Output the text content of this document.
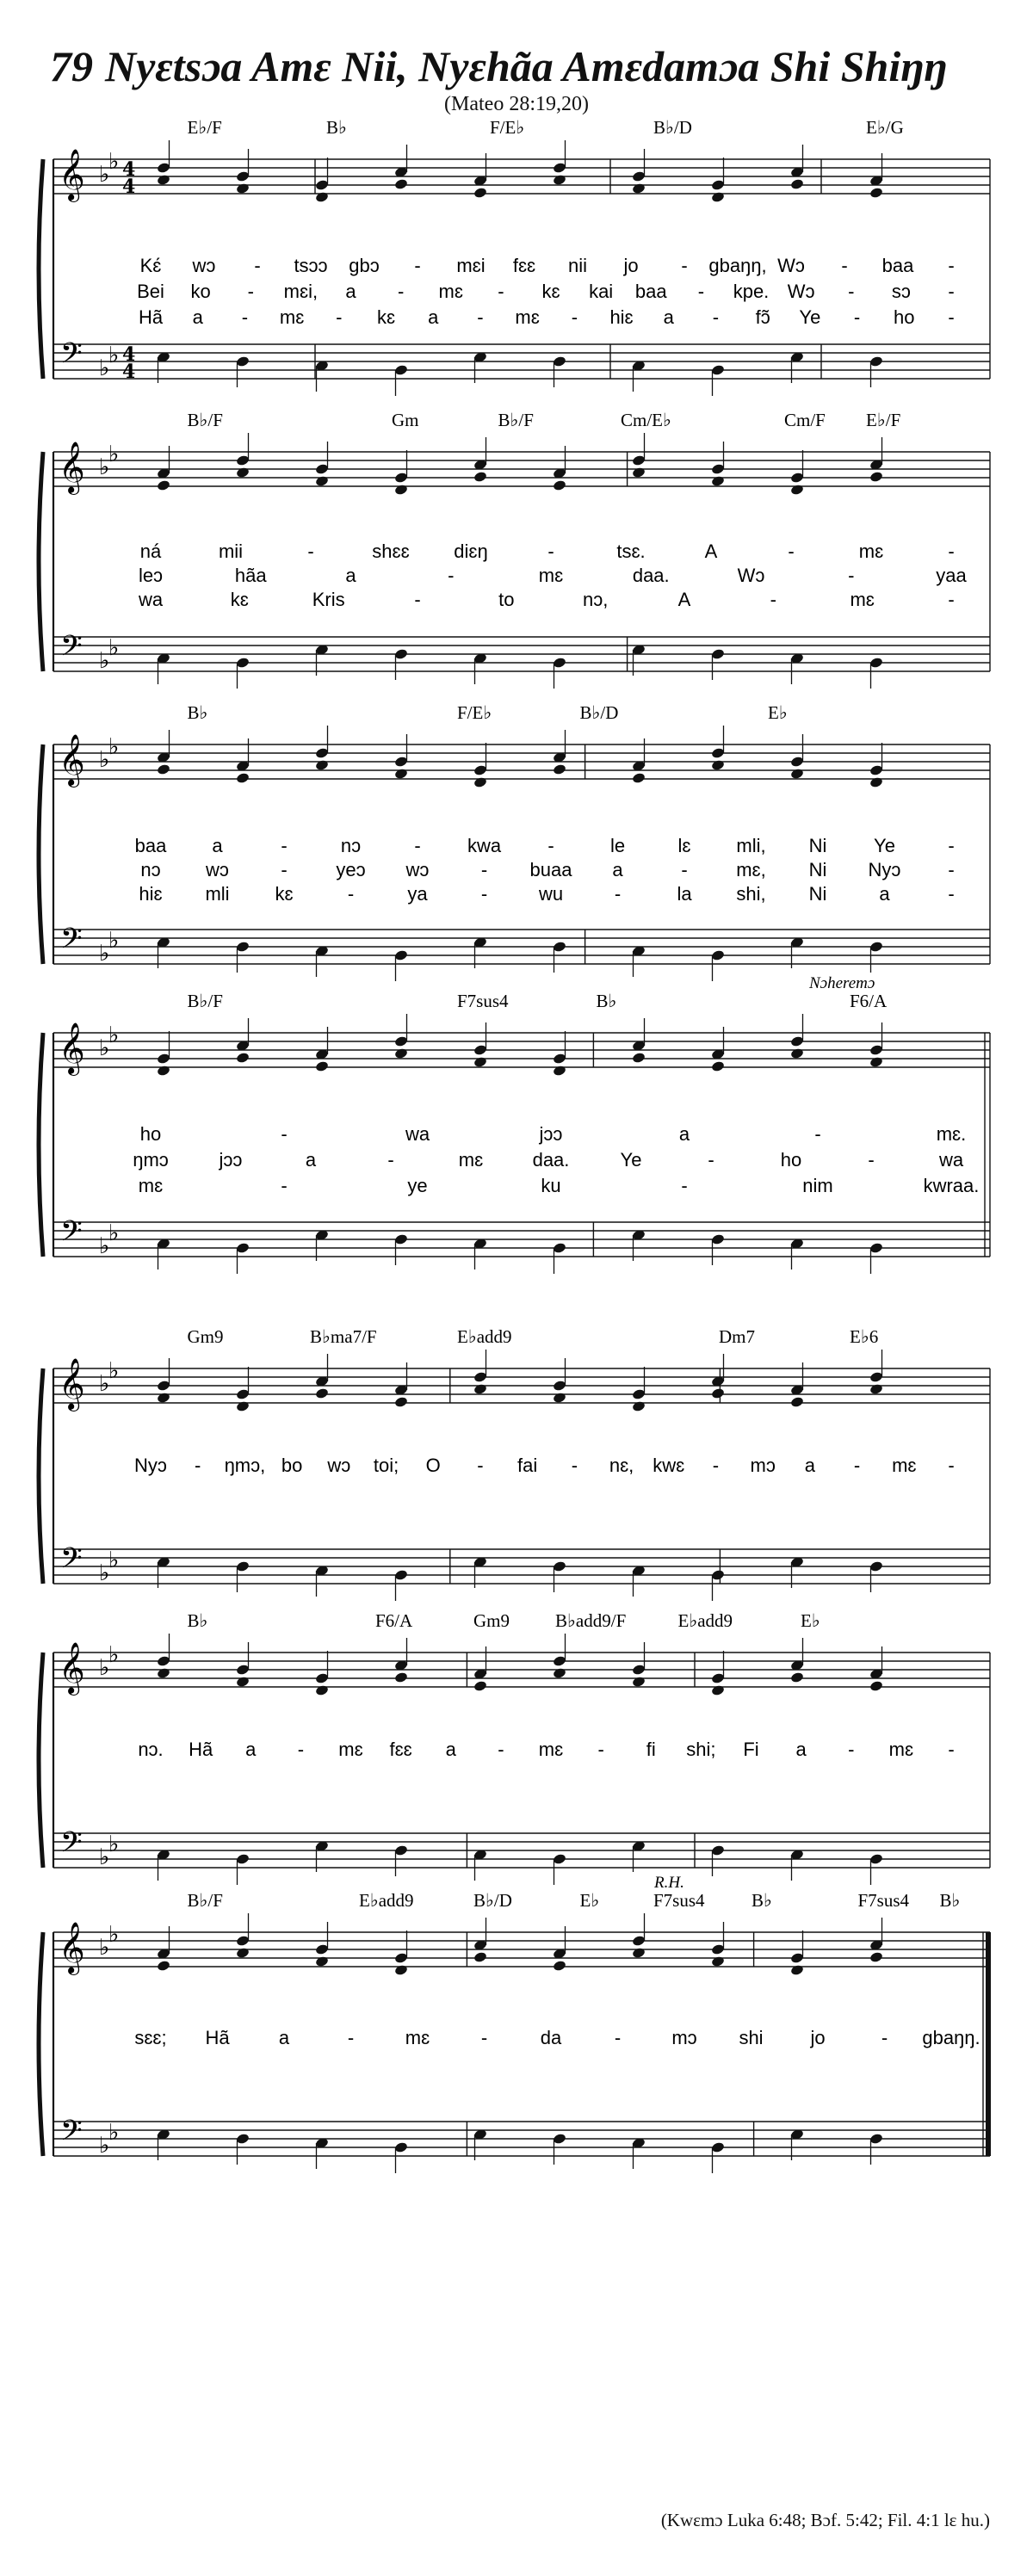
79 Nyɛtsɔa Amɛ Nii, Nyɛhãa Amɛdamɔa Shi Shiŋŋ
(Mateo 28:19,20)
𝄞
𝄢
♭
♭
♭
♭
4
4
4
4
E♭/F	B♭	F/E♭	B♭/D	E♭/G
Kɛ́ wɔ - tsɔɔ gbɔ - mɛi fɛɛ nii jo - gbaŋŋ, Wɔ - baa -
Bei ko - mɛi, a - mɛ - kɛ kai baa - kpe. Wɔ - sɔ -
Hã a - mɛ - kɛ a - mɛ - hiɛ a - fɔ̃ Ye - ho -
𝄞
𝄢
♭
♭
♭
♭
B♭/F	Gm	B♭/F	Cm/E♭	Cm/F E♭/F
ná	mii	-	shɛɛ diɛŋ	-	tsɛ.	A	-	mɛ	-
leɔ	hãa	a	-	mɛ	daa.	Wɔ	-	yaa
wa	kɛ	Kris	-	to	nɔ,	A	-	mɛ	-
𝄞
𝄢
♭
♭
♭
♭
B♭	F/E♭	B♭/D	E♭
baa a	-	nɔ	- kwa -	le	lɛ mli, Ni Ye	-
nɔ wɔ	-	yeɔ wɔ	- buaa a	-	mɛ, Ni Nyɔ -
hiɛ mli kɛ	-	ya	-	wu	-	la shi, Ni	a	-
𝄞
𝄢
♭
♭
♭
♭
B♭/F	F7sus4	B♭	F6/A
Nɔheremɔ
ho	-	wa	jɔɔ	a	-	mɛ.
ŋmɔ	jɔɔ	a	-	mɛ	daa.	Ye	-	ho	-	wa
mɛ	-	ye	ku	-	nim	kwraa.
𝄞
𝄢
♭
♭
♭
♭
Gm9	B♭ma7/F	E♭add9	Dm7	E♭6
Nyɔ - ŋmɔ, bo wɔ toi; O - fai - nɛ, kwɛ - mɔ a - mɛ -
𝄞
𝄢
♭
♭
♭
♭
B♭	F6/A	Gm9	B♭add9/F	E♭add9	E♭
nɔ. Hã a - mɛ fɛɛ a - mɛ - fi shi; Fi a - mɛ -
𝄞
𝄢
♭
♭
♭
♭
B♭/F	E♭add9	B♭/D	E♭	F7sus4	B♭	F7sus4 B♭
R.H.
sɛɛ; Hã	a	-	mɛ	-	da	-	mɔ shi jo	- gbaŋŋ.
(Kwɛmɔ Luka 6:48; Bɔf. 5:42; Fil. 4:1 lɛ hu.)
